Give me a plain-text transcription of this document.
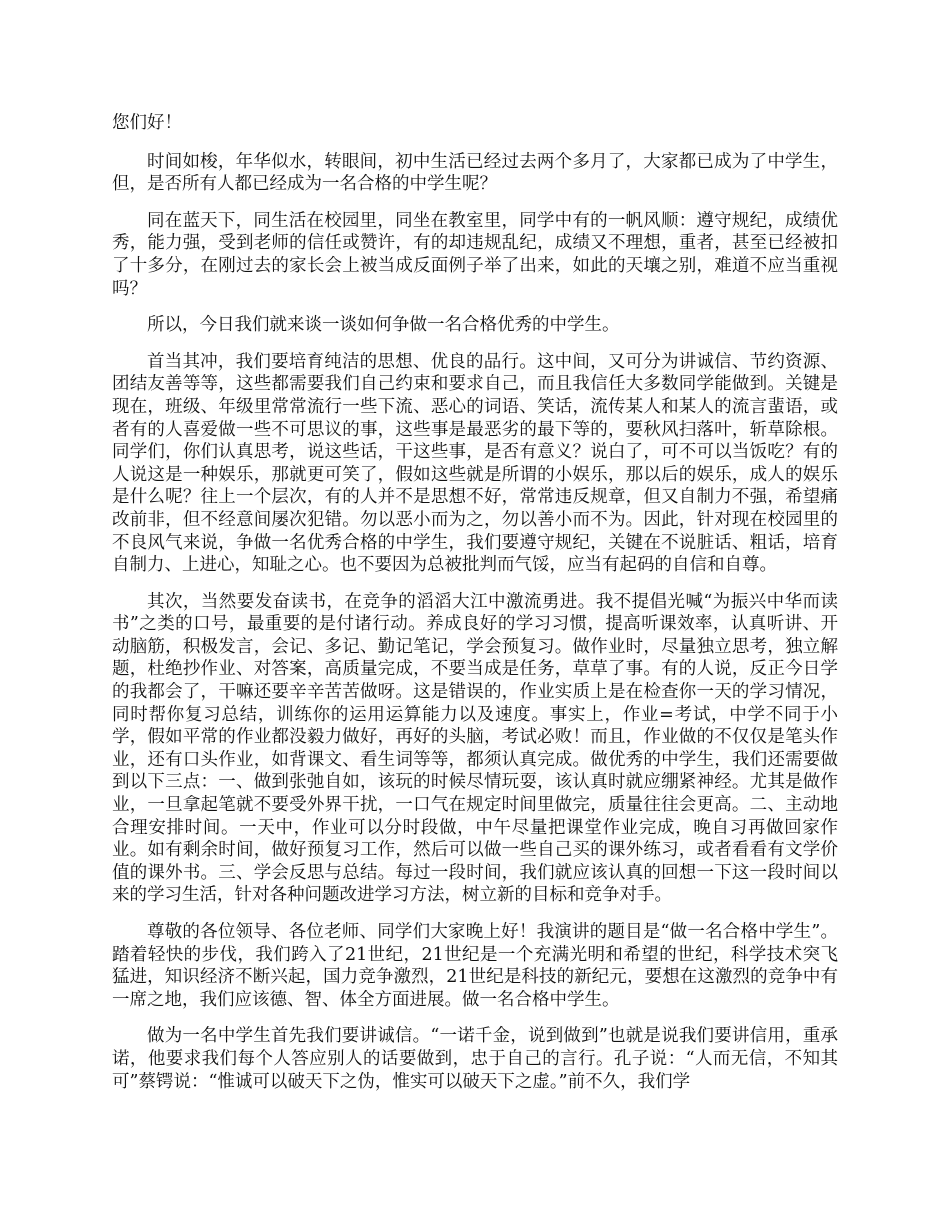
您们好！

时间如梭，年华似水，转眼间，初中生活已经过去两个多月了，大家都已成为了中学生，但，是否所有人都已经成为一名合格的中学生呢？

同在蓝天下，同生活在校园里，同坐在教室里，同学中有的一帆风顺：遵守规纪，成绩优秀，能力强，受到老师的信任或赞许，有的却违规乱纪，成绩又不理想，重者，甚至已经被扣了十多分，在刚过去的家长会上被当成反面例子举了出来，如此的天壤之别，难道不应当重视吗？

所以，今日我们就来谈一谈如何争做一名合格优秀的中学生。

首当其冲，我们要培育纯洁的思想、优良的品行。这中间，又可分为讲诚信、节约资源、团结友善等等，这些都需要我们自己约束和要求自己，而且我信任大多数同学能做到。关键是现在，班级、年级里常常流行一些下流、恶心的词语、笑话，流传某人和某人的流言蜚语，或者有的人喜爱做一些不可思议的事，这些事是最恶劣的最下等的，要秋风扫落叶，斩草除根。同学们，你们认真思考，说这些话，干这些事，是否有意义？说白了，可不可以当饭吃？有的人说这是一种娱乐，那就更可笑了，假如这些就是所谓的小娱乐，那以后的娱乐，成人的娱乐是什么呢？往上一个层次，有的人并不是思想不好，常常违反规章，但又自制力不强，希望痛改前非，但不经意间屡次犯错。勿以恶小而为之，勿以善小而不为。因此，针对现在校园里的不良风气来说，争做一名优秀合格的中学生，我们要遵守规纪，关键在不说脏话、粗话，培育自制力、上进心，知耻之心。也不要因为总被批判而气馁，应当有起码的自信和自尊。

其次，当然要发奋读书，在竞争的滔滔大江中激流勇进。我不提倡光喊“为振兴中华而读书”之类的口号，最重要的是付诸行动。养成良好的学习习惯，提高听课效率，认真听讲、开动脑筋，积极发言，会记、多记、勤记笔记，学会预复习。做作业时，尽量独立思考，独立解题，杜绝抄作业、对答案，高质量完成，不要当成是任务，草草了事。有的人说，反正今日学的我都会了，干嘛还要辛辛苦苦做呀。这是错误的，作业实质上是在检查你一天的学习情况，同时帮你复习总结，训练你的运用运算能力以及速度。事实上，作业=考试，中学不同于小学，假如平常的作业都没毅力做好，再好的头脑，考试必败！而且，作业做的不仅仅是笔头作业，还有口头作业，如背课文、看生词等等，都须认真完成。做优秀的中学生，我们还需要做到以下三点：一、做到张弛自如，该玩的时候尽情玩耍，该认真时就应绷紧神经。尤其是做作业，一旦拿起笔就不要受外界干扰，一口气在规定时间里做完，质量往往会更高。二、主动地合理安排时间。一天中，作业可以分时段做，中午尽量把课堂作业完成，晚自习再做回家作业。如有剩余时间，做好预复习工作，然后可以做一些自己买的课外练习，或者看看有文学价值的课外书。三、学会反思与总结。每过一段时间，我们就应该认真的回想一下这一段时间以来的学习生活，针对各种问题改进学习方法，树立新的目标和竞争对手。

尊敬的各位领导、各位老师、同学们大家晚上好！我演讲的题目是“做一名合格中学生”。 踏着轻快的步伐，我们跨入了21世纪，21世纪是一个充满光明和希望的世纪，科学技术突飞猛进，知识经济不断兴起，国力竞争激烈，21世纪是科技的新纪元，要想在这激烈的竞争中有一席之地，我们应该德、智、体全方面进展。做一名合格中学生。

做为一名中学生首先我们要讲诚信。“一诺千金，说到做到”也就是说我们要讲信用，重承诺，他要求我们每个人答应别人的话要做到，忠于自己的言行。孔子说：“人而无信，不知其可”蔡锷说：“惟诚可以破天下之伪，惟实可以破天下之虚。”前不久，我们学
